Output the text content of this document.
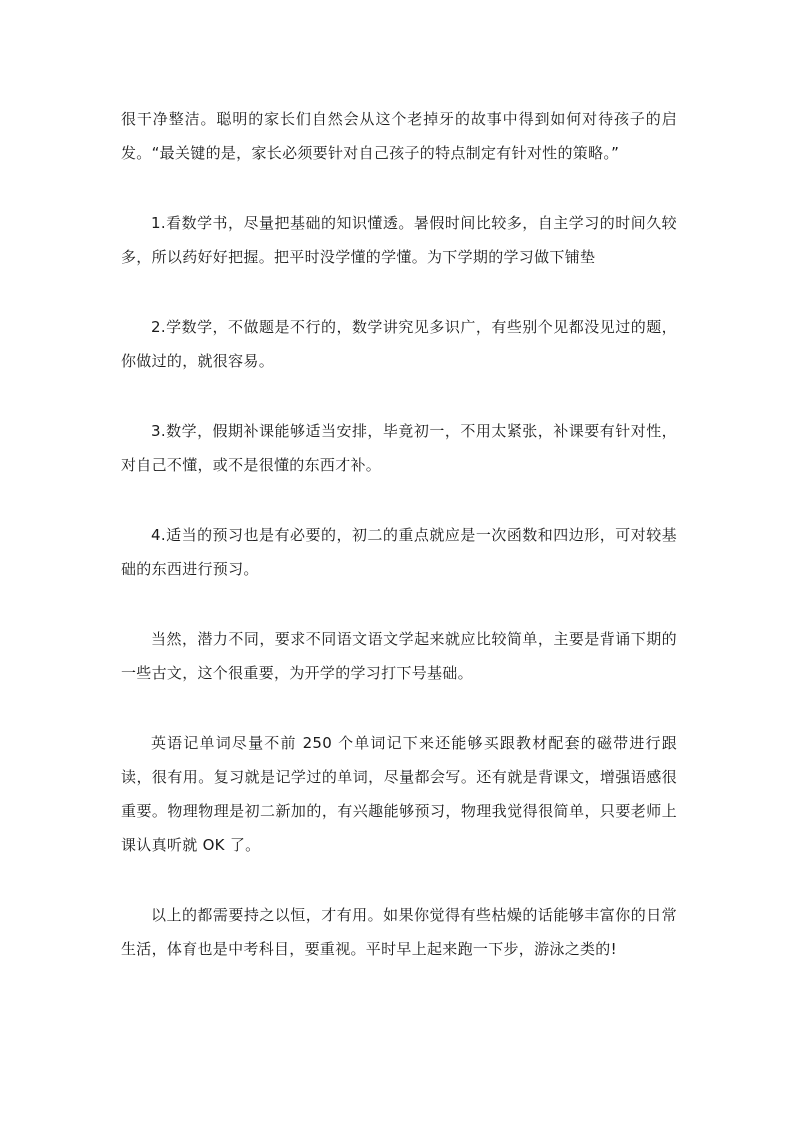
很干净整洁。聪明的家长们自然会从这个老掉牙的故事中得到如何对待孩子的启发。“最关键的是，家长必须要针对自己孩子的特点制定有针对性的策略。”

1.看数学书，尽量把基础的知识懂透。暑假时间比较多，自主学习的时间久较多，所以药好好把握。把平时没学懂的学懂。为下学期的学习做下铺垫

2.学数学，不做题是不行的，数学讲究见多识广，有些别个见都没见过的题，你做过的，就很容易。

3.数学，假期补课能够适当安排，毕竟初一，不用太紧张，补课要有针对性，对自己不懂，或不是很懂的东西才补。

4.适当的预习也是有必要的，初二的重点就应是一次函数和四边形，可对较基础的东西进行预习。

当然，潜力不同，要求不同语文语文学起来就应比较简单，主要是背诵下期的一些古文，这个很重要，为开学的学习打下号基础。

英语记单词尽量不前 250 个单词记下来还能够买跟教材配套的磁带进行跟读，很有用。复习就是记学过的单词，尽量都会写。还有就是背课文，增强语感很重要。物理物理是初二新加的，有兴趣能够预习，物理我觉得很简单，只要老师上课认真听就 OK 了。

以上的都需要持之以恒，才有用。如果你觉得有些枯燥的话能够丰富你的日常生活，体育也是中考科目，要重视。平时早上起来跑一下步，游泳之类的!
